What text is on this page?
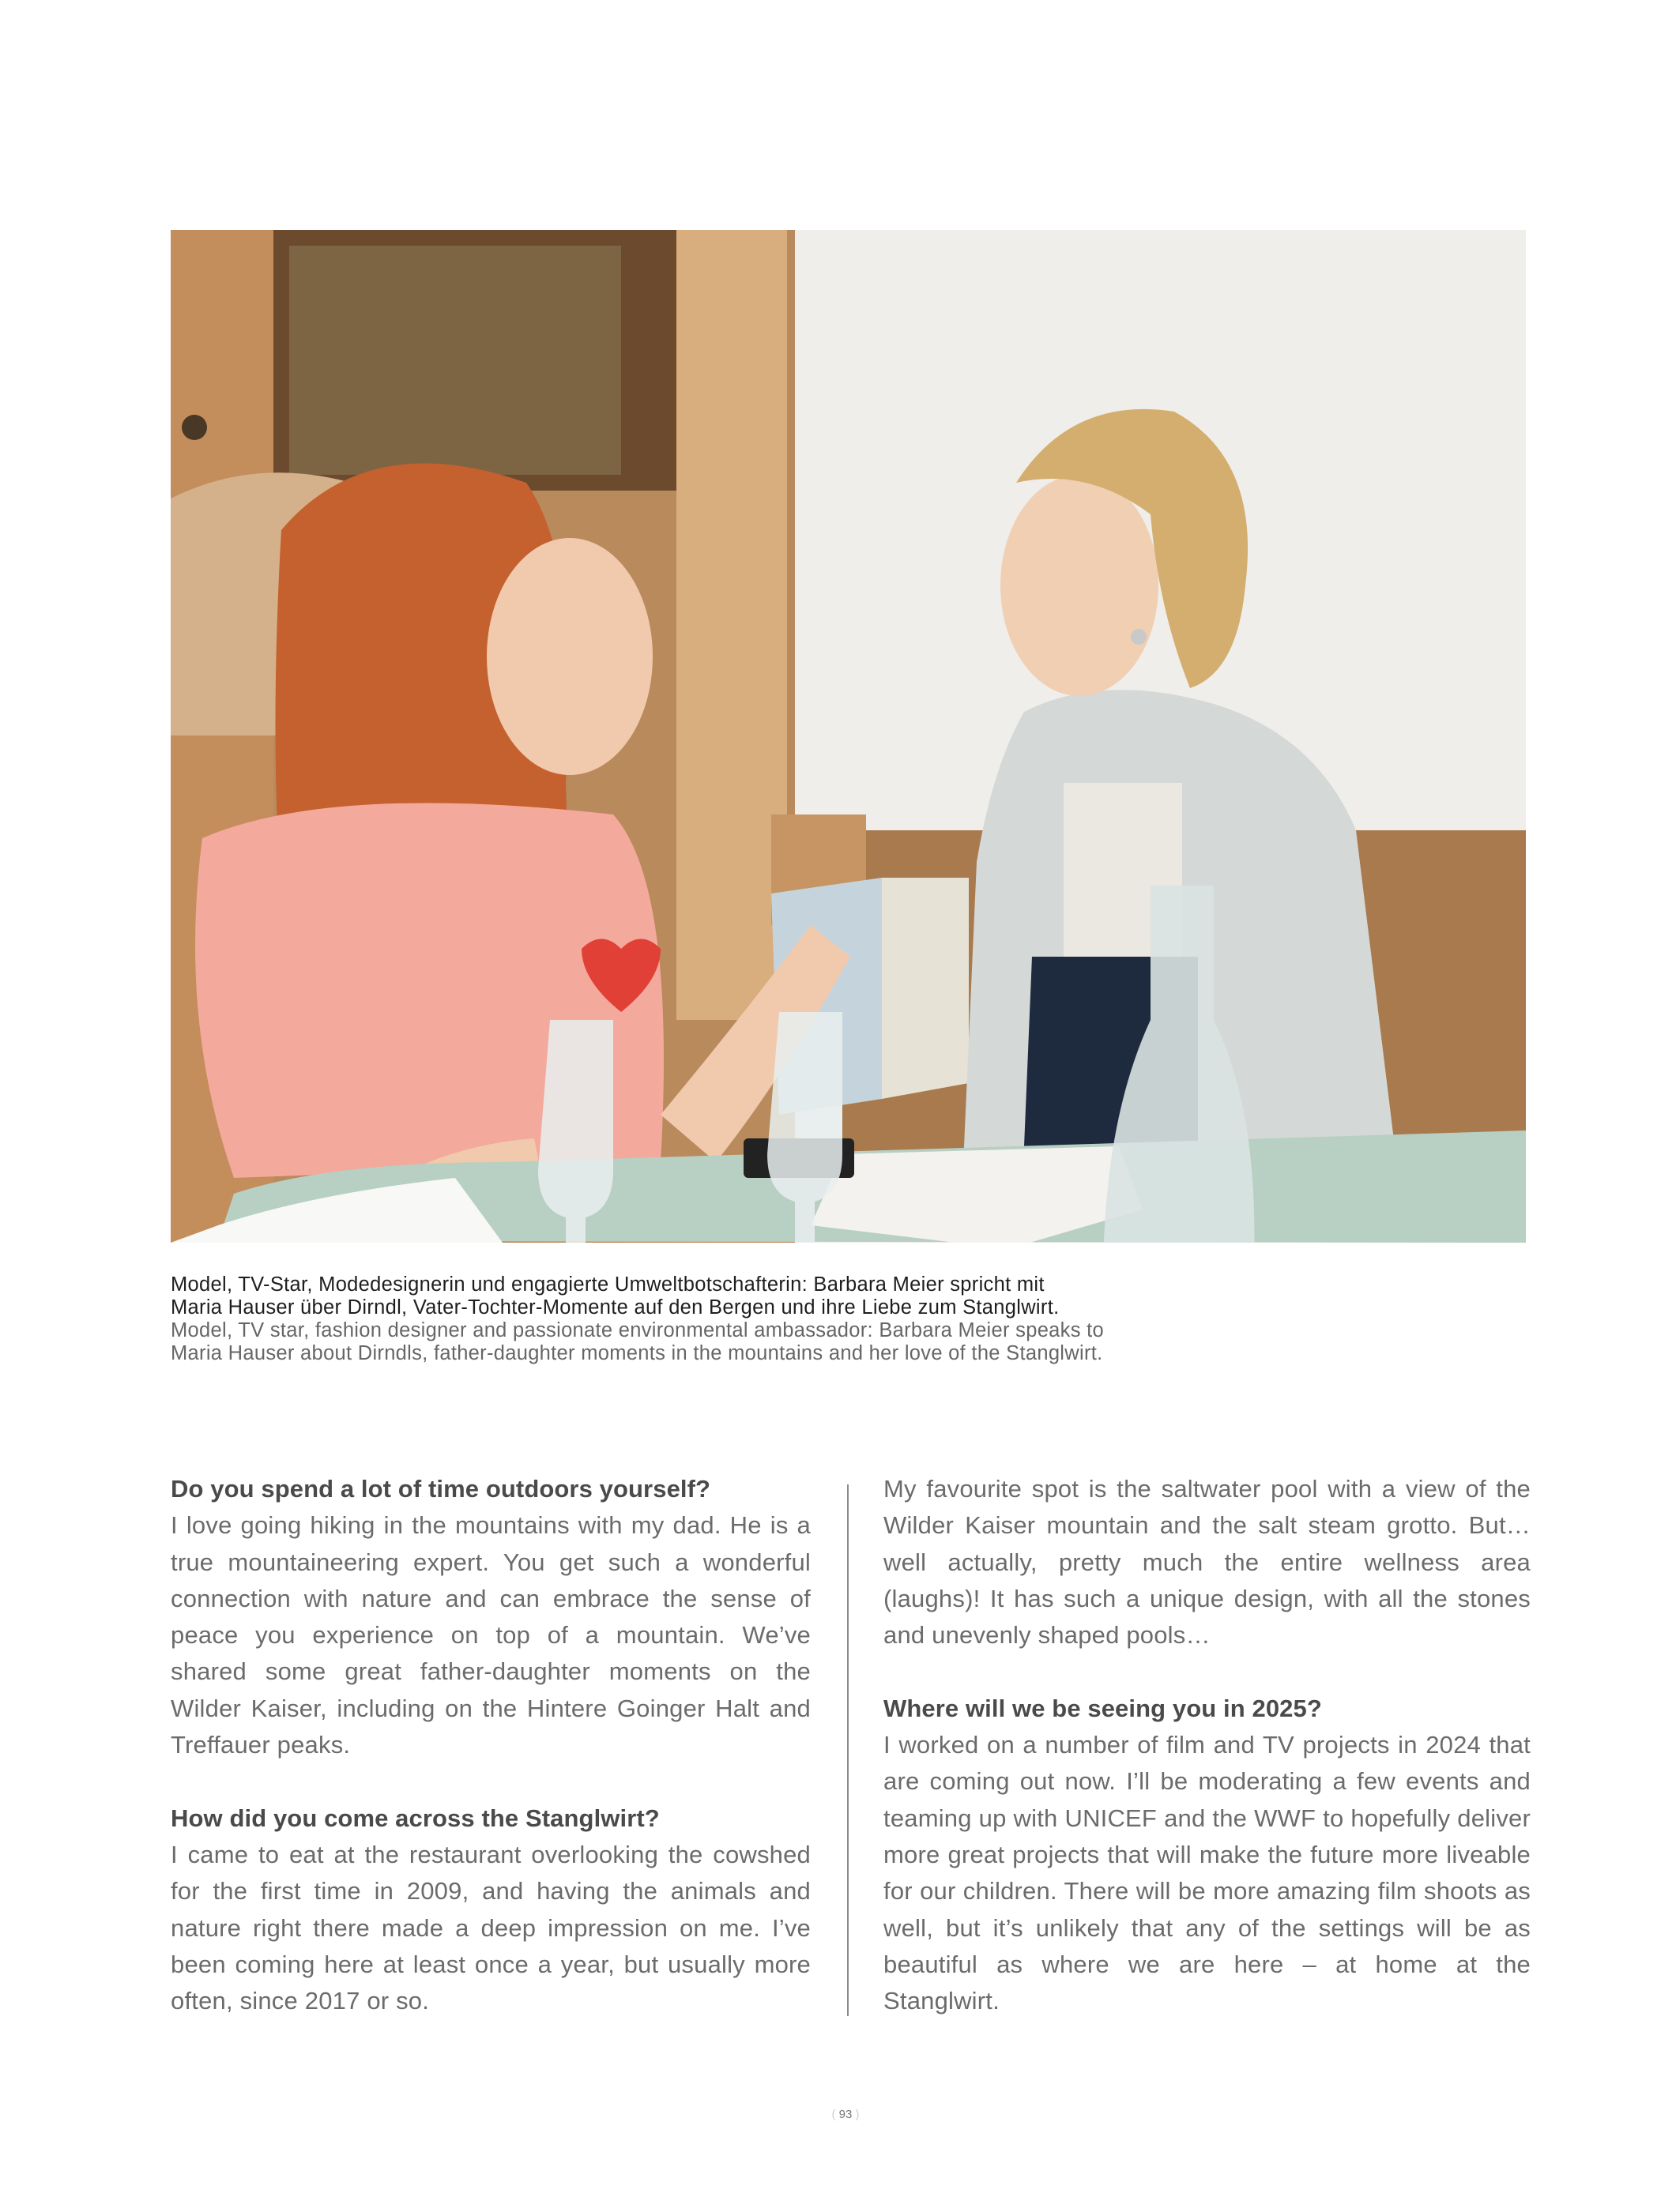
Model, TV-Star, Modedesignerin und engagierte Umweltbotschafterin: Barbara Meier spricht mit
Maria Hauser über Dirndl, Vater-Tochter-Momente auf den Bergen und ihre Liebe zum Stanglwirt.
Model, TV star, fashion designer and passionate environmental ambassador: Barbara Meier speaks to
Maria Hauser about Dirndls, father-daughter moments in the mountains and her love of the Stanglwirt.
Do you spend a lot of time outdoors yourself?

I love going hiking in the mountains with my dad. He is a true mountaineering expert. You get such a wonderful connection with nature and can embrace the sense of peace you experience on top of a mountain. We’ve shared some great father-daughter moments on the Wilder Kaiser, including on the Hintere Goinger Halt and Treffauer peaks.

How did you come across the Stanglwirt?

I came to eat at the restaurant overlooking the cowshed for the first time in 2009, and having the animals and nature right there made a deep impression on me. I’ve been coming here at least once a year, but usually more often, since 2017 or so.

My favourite spot is the saltwater pool with a view of the Wilder Kaiser mountain and the salt steam grotto. But… well actually, pretty much the entire wellness area (laughs)! It has such a unique design, with all the stones and unevenly shaped pools…

Where will we be seeing you in 2025?

I worked on a number of film and TV projects in 2024 that are coming out now. I’ll be moderating a few events and teaming up with UNICEF and the WWF to hopefully deliver more great projects that will make the future more liveable for our children. There will be more amazing film shoots as well, but it’s unlikely that any of the settings will be as beautiful as where we are here – at home at the Stanglwirt.

( 93 )
